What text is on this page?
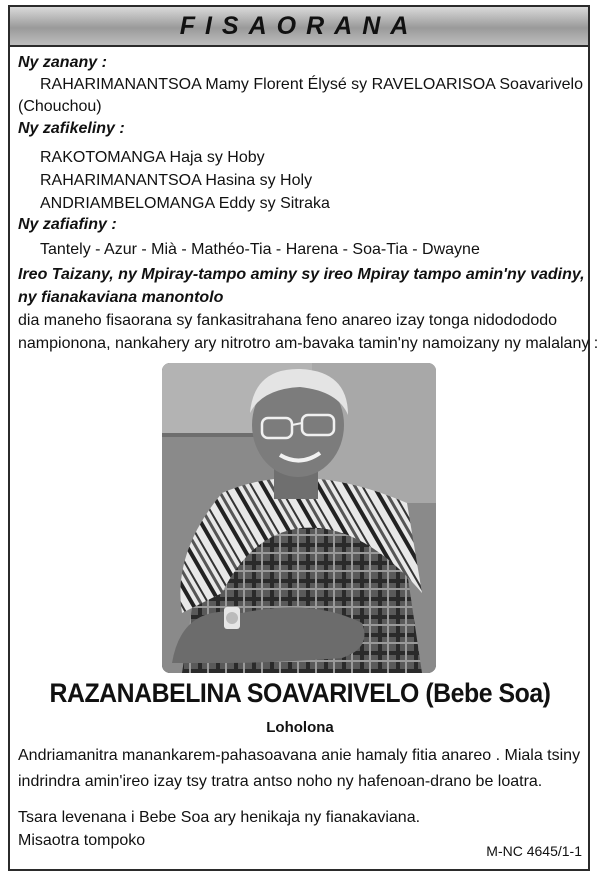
FISAORANA
Ny zanany :
RAHARIMANANTSOA Mamy Florent Élysé sy RAVELOARISOA Soavarivelo
(Chouchou)
Ny zafikeliny :
RAKOTOMANGA Haja sy Hoby
RAHARIMANANTSOA Hasina sy Holy
ANDRIAMBELOMANGA Eddy sy Sitraka
Ny zafiafiny :
Tantely - Azur - Mià - Mathéo-Tia - Harena - Soa-Tia - Dwayne
Ireo Taizany, ny Mpiray-tampo aminy sy ireo Mpiray tampo amin'ny vadiny,
ny fianakaviana manontolo
dia maneho fisaorana sy fankasitrahana feno anareo izay tonga nidodododo
nampionona, nankahery ary nitrotro am-bavaka tamin'ny namoizany ny malalany :
RAZANABELINA SOAVARIVELO (Bebe Soa)
Loholona
Andriamanitra manankarem-pahasoavana anie hamaly fitia anareo . Miala tsiny
indrindra amin'ireo izay tsy tratra antso noho ny hafenoan-drano be loatra.
Tsara levenana i Bebe Soa ary henikaja ny fianakaviana.
Misaotra tompoko
M-NC 4645/1-1
